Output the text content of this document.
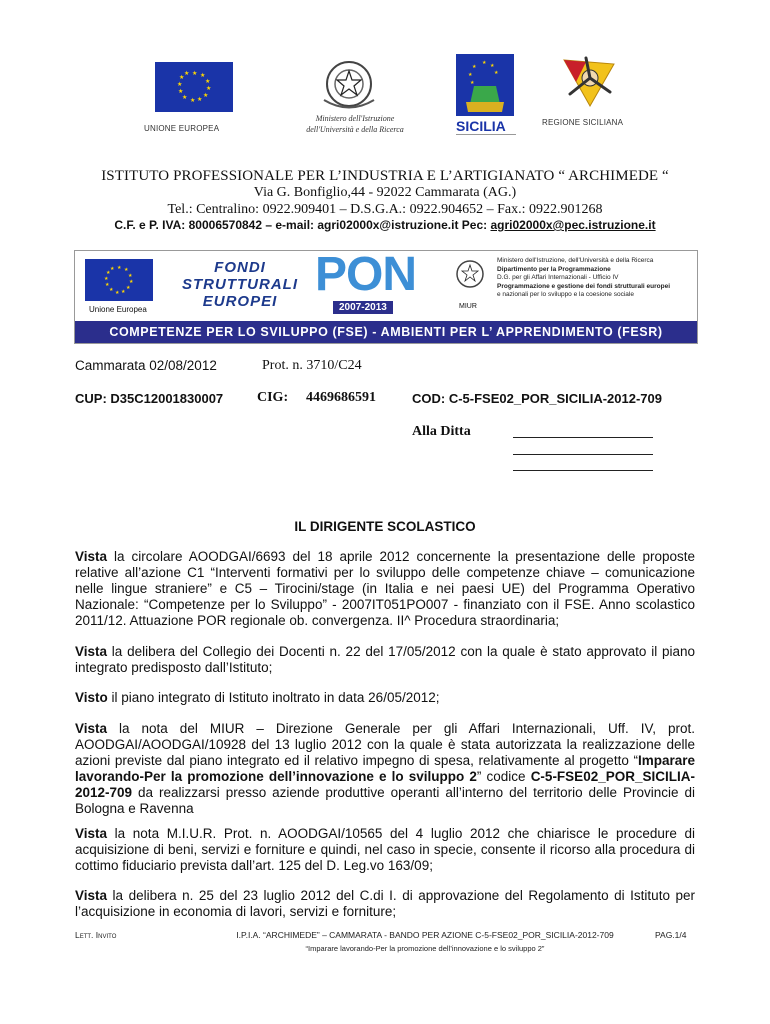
★ ★
★
★
★
★
★
★
★
★
★
★
UNIONE EUROPEA
Ministero dell'Istruzione
dell'Università e della Ricerca
★ ★
★
★
★
★
SICILIA	REGIONE SICILIANA
ISTITUTO PROFESSIONALE PER L’INDUSTRIA E L’ARTIGIANATO “ ARCHIMEDE “
Via G. Bonfiglio,44 - 92022 Cammarata (AG.)
Tel.: Centralino: 0922.909401 – D.S.G.A.: 0922.904652 – Fax.: 0922.901268
C.F. e P. IVA: 80006570842 – e-mail: agri02000x@istruzione.it Pec: agri02000x@pec.istruzione.it
★ ★
★
★
★
★
★
★
★
★
★
★
Unione Europea
FONDI
STRUTTURALI
EUROPEI
PON
2007-2013	MIUR
Ministero dell'Istruzione, dell'Università e della Ricerca
Dipartimento per la Programmazione
D.G. per gli Affari Internazionali - Ufficio IV
Programmazione e gestione dei fondi strutturali europei
e nazionali per lo sviluppo e la coesione sociale
COMPETENZE PER LO SVILUPPO (FSE) - AMBIENTI PER L’ APPRENDIMENTO (FESR)
Cammarata 02/08/2012	Prot. n. 3710/C24
CUP: D35C12001830007 CIG: 4469686591	COD: C-5-FSE02_POR_SICILIA-2012-709
Alla Ditta
IL DIRIGENTE SCOLASTICO
Vista la circolare AOODGAI/6693 del 18 aprile 2012 concernente la presentazione delle proposte relative all’azione C1 “Interventi formativi per lo sviluppo delle competenze chiave – comunicazione nelle lingue straniere” e C5 – Tirocini/stage (in Italia e nei paesi UE) del Programma Operativo Nazionale: “Competenze per lo Sviluppo” - 2007IT051PO007 - finanziato con il FSE. Anno scolastico 2011/12. Attuazione POR regionale ob. convergenza. II^ Procedura straordinaria;
Vista la delibera del Collegio dei Docenti n. 22 del 17/05/2012 con la quale è stato approvato il piano integrato predisposto dall’Istituto;
Visto il piano integrato di Istituto inoltrato in data 26/05/2012;
Vista la nota del MIUR – Direzione Generale per gli Affari Internazionali, Uff. IV, prot. AOODGAI/AOODGAI/10928 del 13 luglio 2012 con la quale è stata autorizzata la realizzazione delle azioni previste dal piano integrato ed il relativo impegno di spesa, relativamente al progetto “Imparare lavorando-Per la promozione dell’innovazione e lo sviluppo 2” codice C-5-FSE02_POR_SICILIA-2012-709 da realizzarsi presso aziende produttive operanti all’interno del territorio delle Provincie di Bologna e Ravenna
Vista la nota M.I.U.R. Prot. n. AOODGAI/10565 del 4 luglio 2012 che chiarisce le procedure di acquisizione di beni, servizi e forniture e quindi, nel caso in specie, consente il ricorso alla procedura di cottimo fiduciario prevista dall’art. 125 del D. Leg.vo 163/09;
Vista la delibera n. 25 del 23 luglio 2012 del C.di I. di approvazione del Regolamento di Istituto per l’acquisizione in economia di lavori, servizi e forniture;
Lett. Invito	I.P.I.A. “ARCHIMEDE” – CAMMARATA - BANDO PER AZIONE C-5-FSE02_POR_SICILIA-2012-709
“Imparare lavorando-Per la promozione dell’innovazione e lo sviluppo 2”
PAG.1/4
